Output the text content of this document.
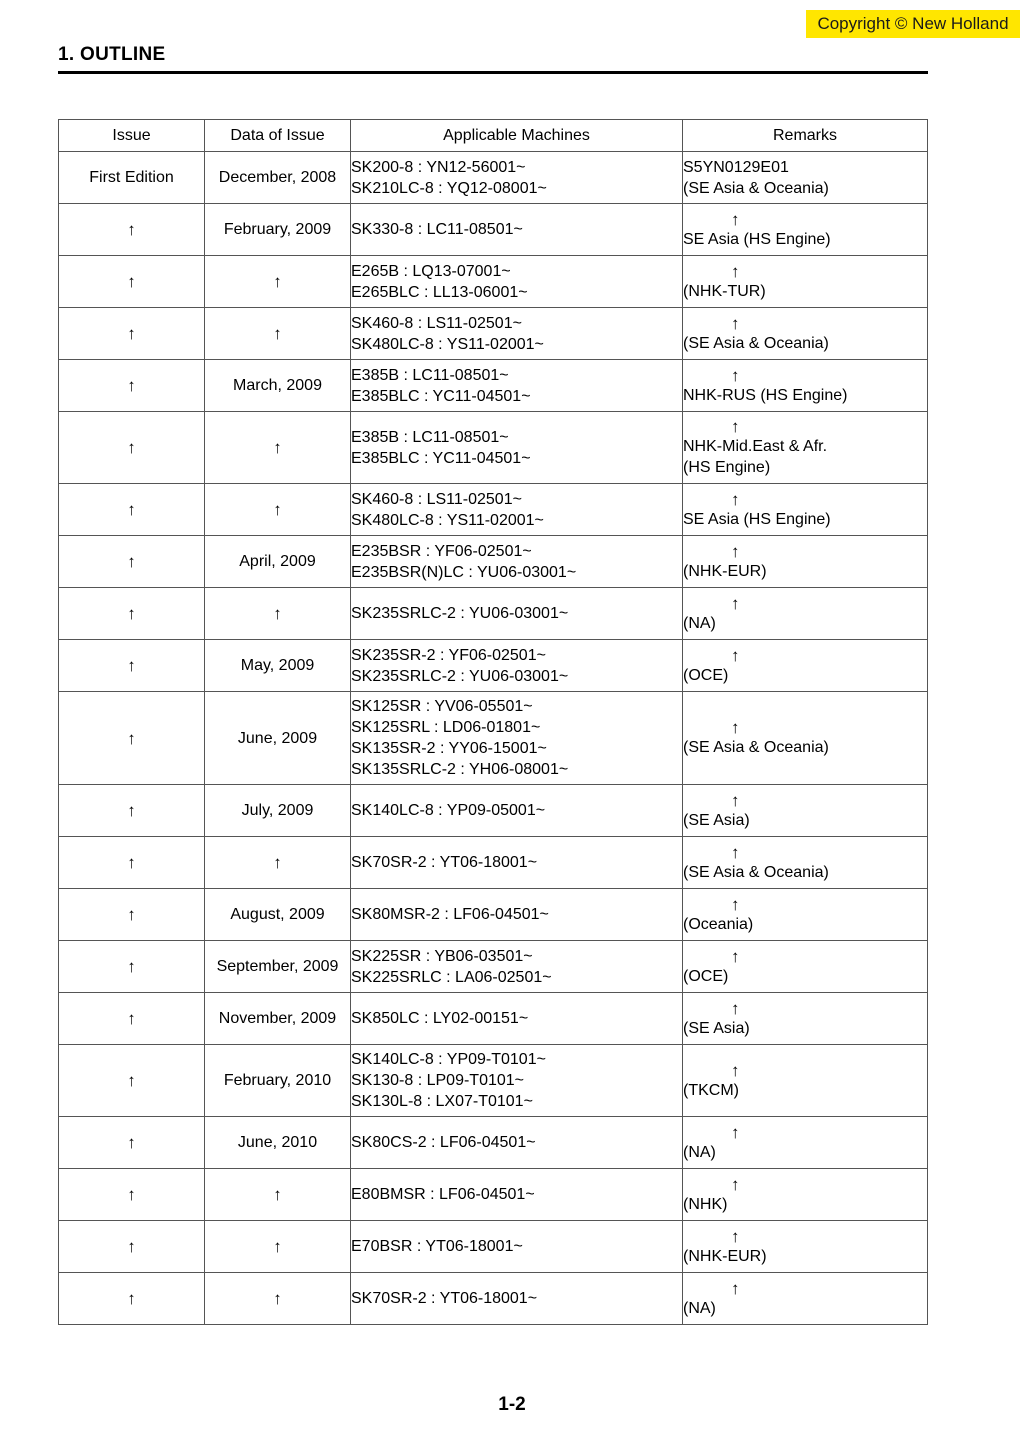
Copyright © New Holland
1. OUTLINE
Issue	Data of Issue	Applicable Machines	Remarks

First Edition	December, 2008	SK200-8 : YN12-56001~
SK210LC-8 : YQ12-08001~	S5YN0129E01
(SE Asia & Oceania)

↑	February, 2009	SK330-8 : LC11-08501~	↑
SE Asia (HS Engine)

↑	↑	E265B : LQ13-07001~
E265BLC : LL13-06001~	↑
(NHK-TUR)

↑	↑	SK460-8 : LS11-02501~
SK480LC-8 : YS11-02001~	↑
(SE Asia & Oceania)

↑	March, 2009	E385B : LC11-08501~
E385BLC : YC11-04501~	↑
NHK-RUS (HS Engine)

↑	↑	E385B : LC11-08501~
E385BLC : YC11-04501~	↑
NHK-Mid.East & Afr.
(HS Engine)

↑	↑	SK460-8 : LS11-02501~
SK480LC-8 : YS11-02001~	↑
SE Asia (HS Engine)

↑	April, 2009	E235BSR : YF06-02501~
E235BSR(N)LC : YU06-03001~	↑
(NHK-EUR)

↑	↑	SK235SRLC-2 : YU06-03001~	↑
(NA)

↑	May, 2009	SK235SR-2 : YF06-02501~
SK235SRLC-2 : YU06-03001~	↑
(OCE)

↑	June, 2009	SK125SR : YV06-05501~
SK125SRL : LD06-01801~
SK135SR-2 : YY06-15001~
SK135SRLC-2 : YH06-08001~	↑
(SE Asia & Oceania)

↑	July, 2009	SK140LC-8 : YP09-05001~	↑
(SE Asia)

↑	↑	SK70SR-2 : YT06-18001~	↑
(SE Asia & Oceania)

↑	August, 2009	SK80MSR-2 : LF06-04501~	↑
(Oceania)

↑	September, 2009	SK225SR : YB06-03501~
SK225SRLC : LA06-02501~	↑
(OCE)

↑	November, 2009	SK850LC : LY02-00151~	↑
(SE Asia)

↑	February, 2010	SK140LC-8 : YP09-T0101~
SK130-8 : LP09-T0101~
SK130L-8 : LX07-T0101~	↑
(TKCM)

↑	June, 2010	SK80CS-2 : LF06-04501~	↑
(NA)

↑	↑	E80BMSR : LF06-04501~	↑
(NHK)

↑	↑	E70BSR : YT06-18001~	↑
(NHK-EUR)

↑	↑	SK70SR-2 : YT06-18001~	↑
(NA)
1-2
